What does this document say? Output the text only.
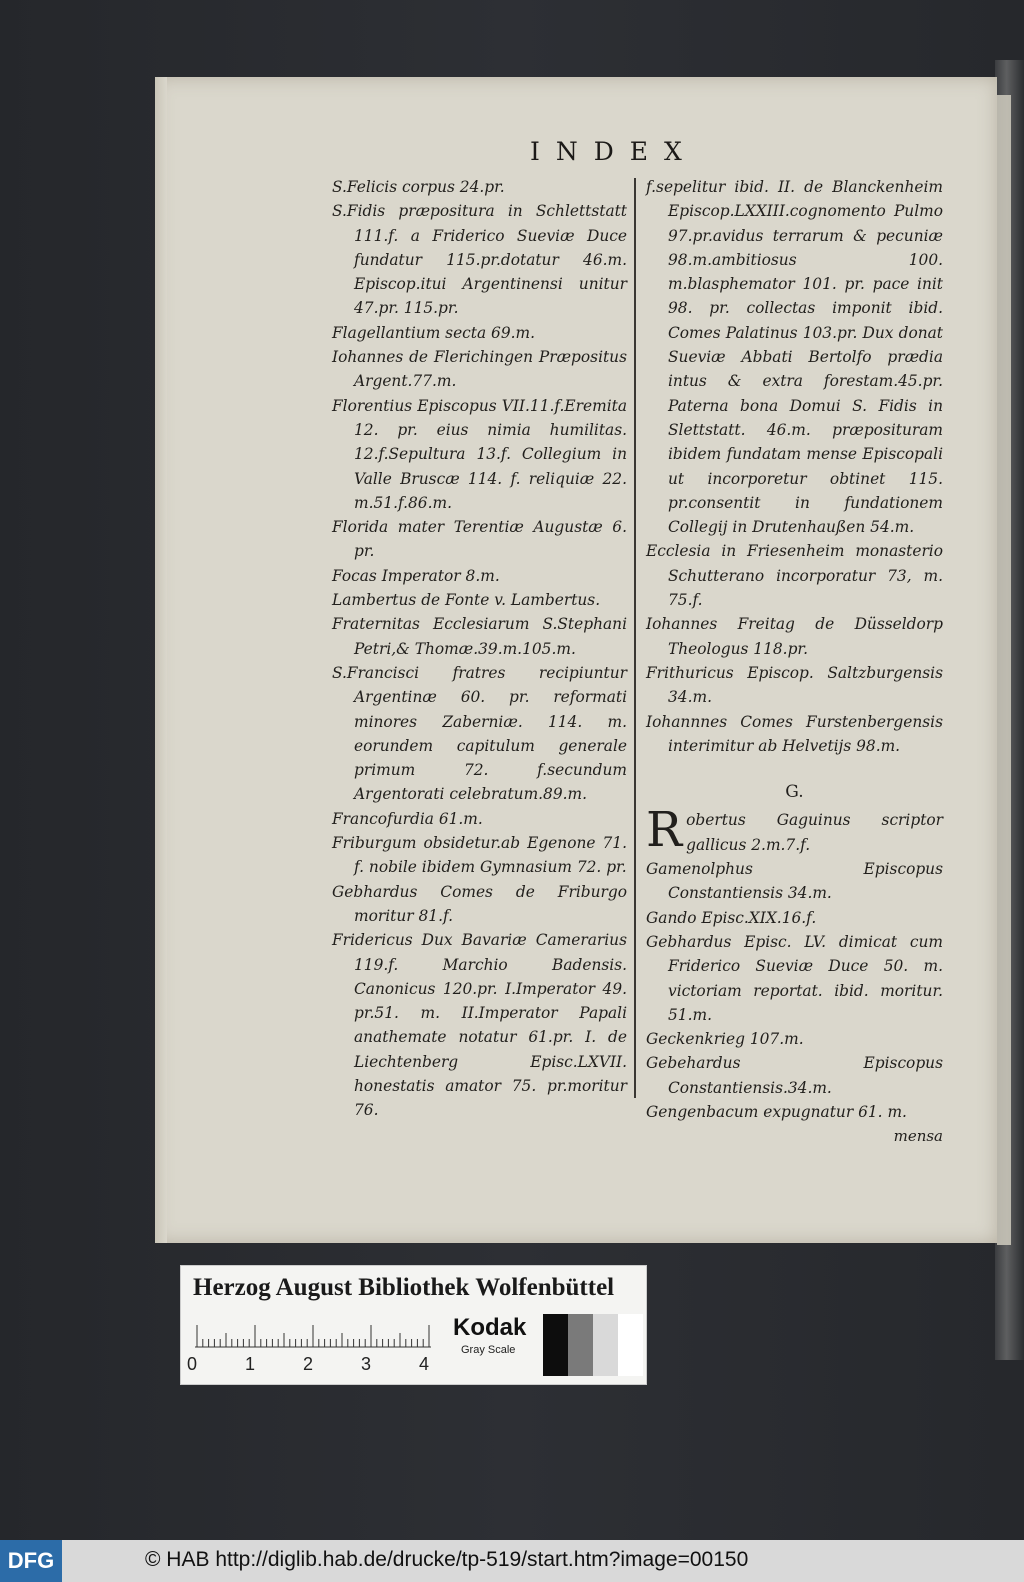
INDEX
S.Felicis corpus 24.pr.
S.Fidis præpositura in Schlettstatt 111.f. a Friderico Sueviæ Duce fundatur 115.pr.dotatur 46.m. Episcop.itui Argentinensi unitur 47.pr. 115.pr.
Flagellantium secta 69.m.
Iohannes de Flerichingen Præpositus Argent.77.m.
Florentius Episcopus VII.11.f.Eremita 12. pr. eius nimia humilitas. 12.f.Sepultura 13.f. Collegium in Valle Bruscæ 114. f. reliquiæ 22. m.51.f.86.m.
Florida mater Terentiæ Augustæ 6. pr.
Focas Imperator 8.m.
Lambertus de Fonte v. Lambertus.
Fraternitas Ecclesiarum S.Stephani Petri,& Thomæ.39.m.105.m.
S.Francisci fratres recipiuntur Argentinæ 60. pr. reformati minores Zaberniæ. 114. m. eorundem capitulum generale primum 72. f.secundum Argentorati celebratum.89.m.
Francofurdia 61.m.
Friburgum obsidetur.ab Egenone 71. f. nobile ibidem Gymnasium 72. pr.
Gebhardus Comes de Friburgo moritur 81.f.
Fridericus Dux Bavariæ Camerarius 119.f. Marchio Badensis. Canonicus 120.pr. I.Imperator 49. pr.51. m. II.Imperator Papali anathemate notatur 61.pr. I. de Liechtenberg Episc.LXVII. honestatis amator 75. pr.moritur 76.
f.sepelitur ibid. II. de Blanckenheim Episcop.LXXIII.cognomento Pulmo 97.pr.avidus terrarum & pecuniæ 98.m.ambitiosus 100. m.blasphemator 101. pr. pace init 98. pr. collectas imponit ibid. Comes Palatinus 103.pr. Dux donat Sueviæ Abbati Bertolfo prædia intus & extra forestam.45.pr. Paterna bona Domui S. Fidis in Slettstatt. 46.m. præposituram ibidem fundatam mense Episcopali ut incorporetur obtinet 115. pr.consentit in fundationem Collegij in Drutenhaußen 54.m.
Ecclesia in Friesenheim monasterio Schutterano incorporatur 73, m. 75.f.
Iohannes Freitag de Düsseldorp Theologus 118.pr.
Frithuricus Episcop. Saltzburgensis 34.m.
Iohannnes Comes Furstenbergensis interimitur ab Helvetijs 98.m.
G.
Robertus Gaguinus scriptor gallicus 2.m.7.f.
Gamenolphus Episcopus Constantiensis 34.m.
Gando Episc.XIX.16.f.
Gebhardus Episc. LV. dimicat cum Friderico Sueviæ Duce 50. m. victoriam reportat. ibid. moritur. 51.m.
Geckenkrieg 107.m.
Gebehardus Episcopus Constantiensis.34.m.
Gengenbacum expugnatur 61. m.
mensa
Herzog August Bibliothek Wolfenbüttel
0	1	2	3	4
Kodak
Gray Scale
DFG	© HAB http://diglib.hab.de/drucke/tp-519/start.htm?image=00150
